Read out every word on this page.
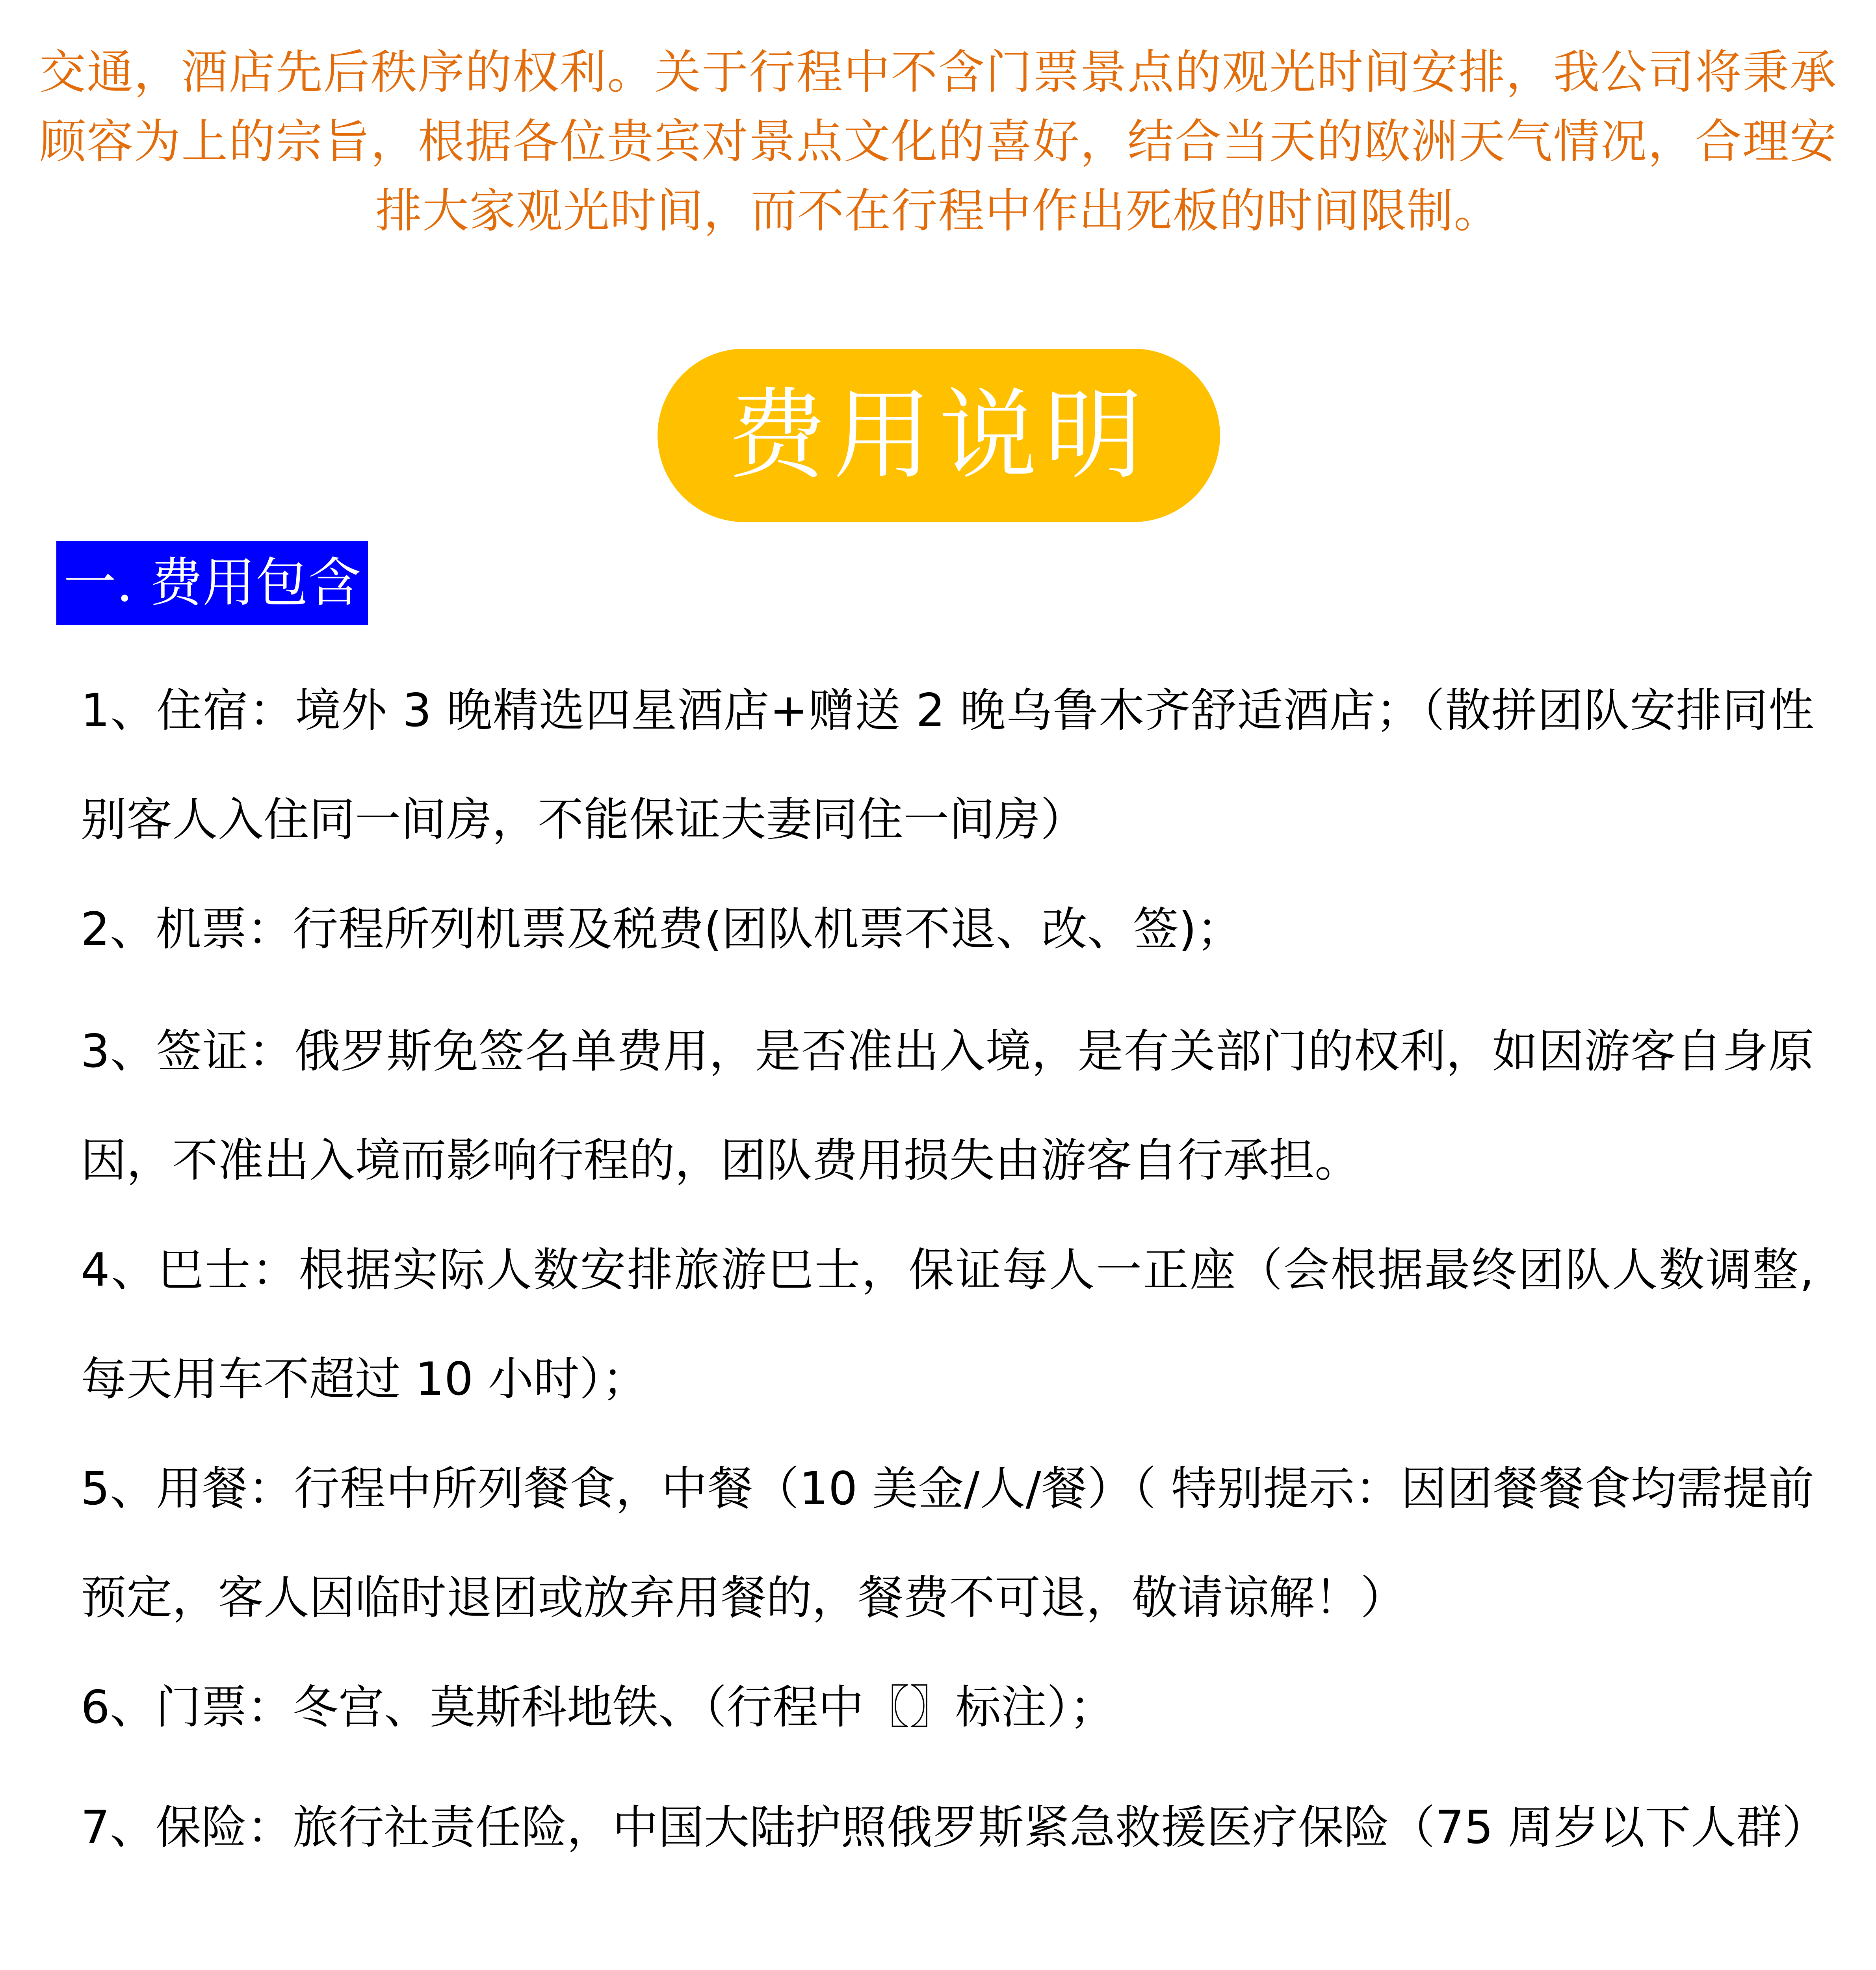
交通，酒店先后秩序的权利。关于行程中不含门票景点的观光时间安排，我公司将秉承顾容为上的宗旨，根据各位贵宾对景点文化的喜好，结合当天的欧洲天气情况，合理安排大家观光时间，而不在行程中作出死板的时间限制。
费用说明
一. 费用包含
1、住宿：境外 3 晚精选四星酒店+赠送 2 晚乌鲁木齐舒适酒店；（散拼团队安排同性别客人入住同一间房，不能保证夫妻同住一间房）
2、机票：行程所列机票及税费(团队机票不退、改、签)；
3、签证：俄罗斯免签名单费用，是否准出入境，是有关部门的权利，如因游客自身原因，不准出入境而影响行程的，团队费用损失由游客自行承担。
4、巴士：根据实际人数安排旅游巴士，保证每人一正座（会根据最终团队人数调整,每天用车不超过 10 小时）；
5、用餐：行程中所列餐食，中餐（10 美金/人/餐）（ 特别提示：因团餐餐食均需提前预定，客人因临时退团或放弃用餐的，餐费不可退，敬请谅解！）
6、门票：冬宫、莫斯科地铁、（行程中〖〗标注）；
7、保险：旅行社责任险，中国大陆护照俄罗斯紧急救援医疗保险（75 周岁以下人群）
